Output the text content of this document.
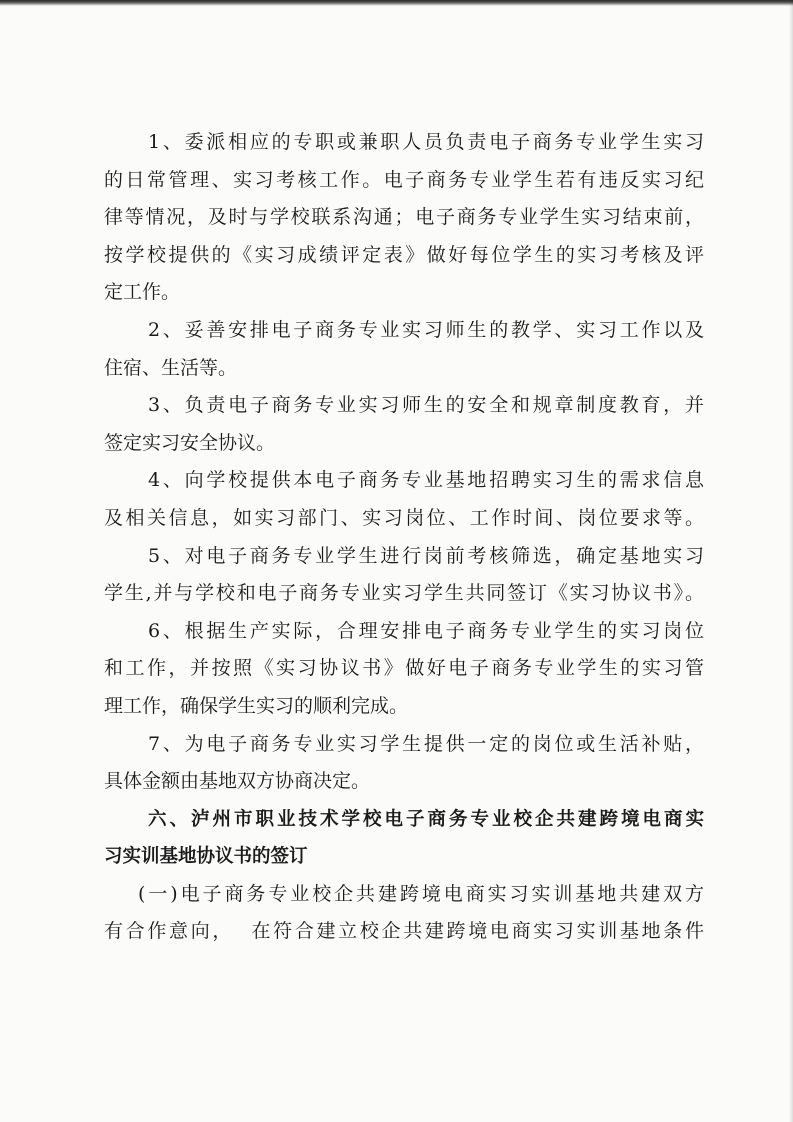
1、委派相应的专职或兼职人员负责电子商务专业学生实习
的日常管理、实习考核工作。电子商务专业学生若有违反实习纪
律等情况，及时与学校联系沟通；电子商务专业学生实习结束前，
按学校提供的《实习成绩评定表》做好每位学生的实习考核及评
定工作。
2、妥善安排电子商务专业实习师生的教学、实习工作以及
住宿、生活等。
3、负责电子商务专业实习师生的安全和规章制度教育，并
签定实习安全协议。
4、向学校提供本电子商务专业基地招聘实习生的需求信息
及相关信息，如实习部门、实习岗位、工作时间、岗位要求等。
5、对电子商务专业学生进行岗前考核筛选，确定基地实习
学生,并与学校和电子商务专业实习学生共同签订《实习协议书》。
6、根据生产实际，合理安排电子商务专业学生的实习岗位
和工作，并按照《实习协议书》做好电子商务专业学生的实习管
理工作，确保学生实习的顺利完成。
7、为电子商务专业实习学生提供一定的岗位或生活补贴，
具体金额由基地双方协商决定。
六、泸州市职业技术学校电子商务专业校企共建跨境电商实
习实训基地协议书的签订
(一)电子商务专业校企共建跨境电商实习实训基地共建双方
有合作意向，  在符合建立校企共建跨境电商实习实训基地条件
